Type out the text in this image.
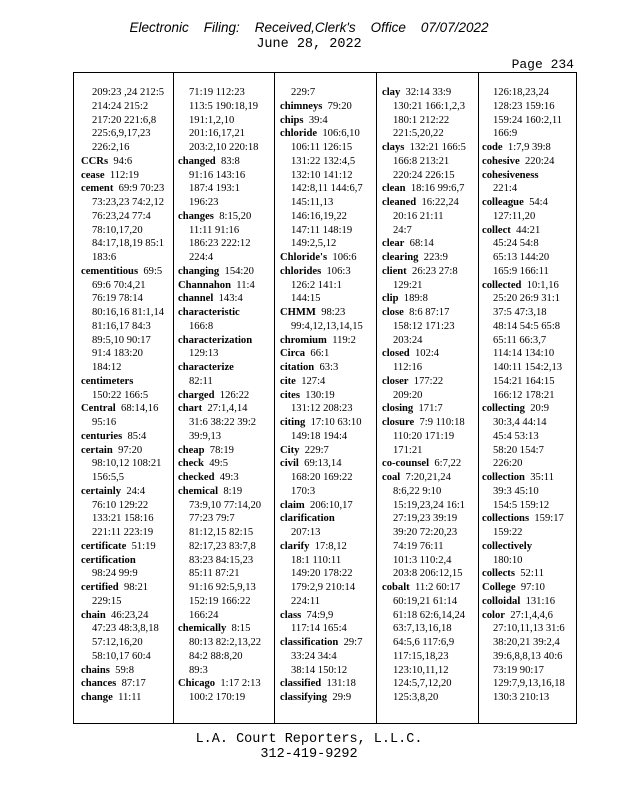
Electronic    Filing:    Received,Clerk's    Office    07/07/2022
June 28, 2022
Page 234
209:23 ,24 212:5
214:24 215:2
217:20 221:6,8
225:6,9,17,23
226:2,16
CCRs 94:6
cease 112:19
cement 69:9 70:23
73:23,23 74:2,12
76:23,24 77:4
78:10,17,20
84:17,18,19 85:1
183:6
cementitious 69:5
69:6 70:4,21
76:19 78:14
80:16,16 81:1,14
81:16,17 84:3
89:5,10 90:17
91:4 183:20
184:12
centimeters
150:22 166:5
Central 68:14,16
95:16
centuries 85:4
certain 97:20
98:10,12 108:21
156:5,5
certainly 24:4
76:10 129:22
133:21 158:16
221:11 223:19
certificate 51:19
certification
98:24 99:9
certified 98:21
229:15
chain 46:23,24
47:23 48:3,8,18
57:12,16,20
58:10,17 60:4
chains 59:8
chances 87:17
change 11:11
71:19 112:23
113:5 190:18,19
191:1,2,10
201:16,17,21
203:2,10 220:18
changed 83:8
91:16 143:16
187:4 193:1
196:23
changes 8:15,20
11:11 91:16
186:23 222:12
224:4
changing 154:20
Channahon 11:4
channel 143:4
characteristic
166:8
characterization
129:13
characterize
82:11
charged 126:22
chart 27:1,4,14
31:6 38:22 39:2
39:9,13
cheap 78:19
check 49:5
checked 49:3
chemical 8:19
73:9,10 77:14,20
77:23 79:7
81:12,15 82:15
82:17,23 83:7,8
83:23 84:15,23
85:11 87:21
91:16 92:5,9,13
152:19 166:22
166:24
chemically 8:15
80:13 82:2,13,22
84:2 88:8,20
89:3
Chicago 1:17 2:13
100:2 170:19
229:7
chimneys 79:20
chips 39:4
chloride 106:6,10
106:11 126:15
131:22 132:4,5
132:10 141:12
142:8,11 144:6,7
145:11,13
146:16,19,22
147:11 148:19
149:2,5,12
Chloride's 106:6
chlorides 106:3
126:2 141:1
144:15
CHMM 98:23
99:4,12,13,14,15
chromium 119:2
Circa 66:1
citation 63:3
cite 127:4
cites 130:19
131:12 208:23
citing 17:10 63:10
149:18 194:4
City 229:7
civil 69:13,14
168:20 169:22
170:3
claim 206:10,17
clarification
207:13
clarify 17:8,12
18:1 110:11
149:20 178:22
179:2,9 210:14
224:11
class 74:9,9
117:14 165:4
classification 29:7
33:24 34:4
38:14 150:12
classified 131:18
classifying 29:9
clay 32:14 33:9
130:21 166:1,2,3
180:1 212:22
221:5,20,22
clays 132:21 166:5
166:8 213:21
220:24 226:15
clean 18:16 99:6,7
cleaned 16:22,24
20:16 21:11
24:7
clear 68:14
clearing 223:9
client 26:23 27:8
129:21
clip 189:8
close 8:6 87:17
158:12 171:23
203:24
closed 102:4
112:16
closer 177:22
209:20
closing 171:7
closure 7:9 110:18
110:20 171:19
171:21
co-counsel 6:7,22
coal 7:20,21,24
8:6,22 9:10
15:19,23,24 16:1
27:19,23 39:19
39:20 72:20,23
74:19 76:11
101:3 110:2,4
203:8 206:12,15
cobalt 11:2 60:17
60:19,21 61:14
61:18 62:6,14,24
63:7,13,16,18
64:5,6 117:6,9
117:15,18,23
123:10,11,12
124:5,7,12,20
125:3,8,20
126:18,23,24
128:23 159:16
159:24 160:2,11
166:9
code 1:7,9 39:8
cohesive 220:24
cohesiveness
221:4
colleague 54:4
127:11,20
collect 44:21
45:24 54:8
65:13 144:20
165:9 166:11
collected 10:1,16
25:20 26:9 31:1
37:5 47:3,18
48:14 54:5 65:8
65:11 66:3,7
114:14 134:10
140:11 154:2,13
154:21 164:15
166:12 178:21
collecting 20:9
30:3,4 44:14
45:4 53:13
58:20 154:7
226:20
collection 35:11
39:3 45:10
154:5 159:12
collections 159:17
159:22
collectively
180:10
collects 52:11
College 97:10
colloidal 131:16
color 27:1,4,4,6
27:10,11,13 31:6
38:20,21 39:2,4
39:6,8,8,13 40:6
73:19 90:17
129:7,9,13,16,18
130:3 210:13
L.A. Court Reporters, L.L.C.
312-419-9292
